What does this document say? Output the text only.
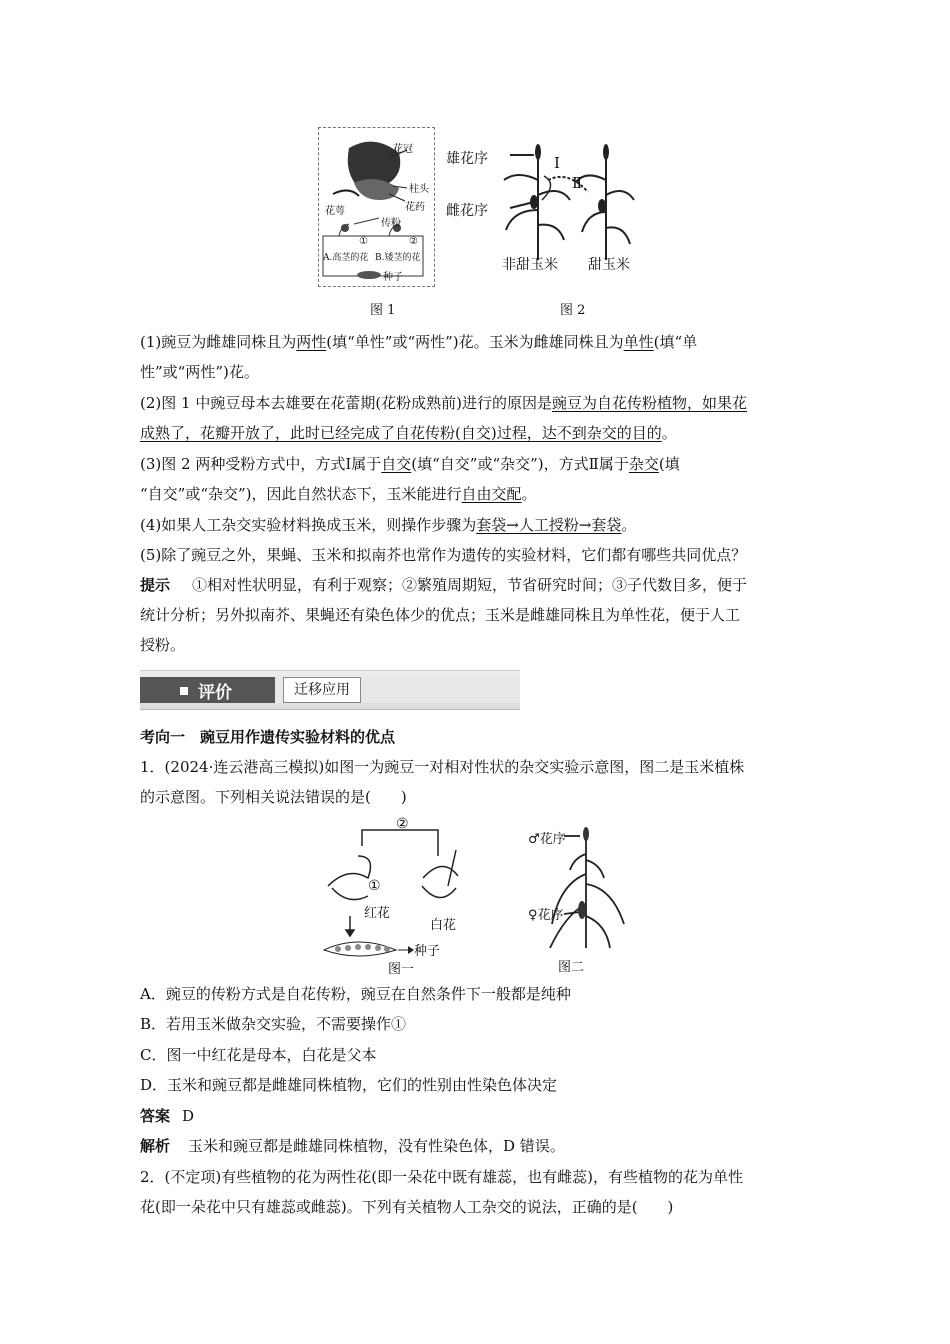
花冠
柱头
花萼	花药
传粉
①	②
A.高茎的花 B.矮茎的花
种子
雄花序
雌花序
Ⅰ
Ⅱ
非甜玉米 甜玉米
图 1	图 2
(1)豌豆为雌雄同株且为两性(填“单性”或“两性”)花。玉米为雌雄同株且为单性(填“单
性”或“两性”)花。
(2)图 1 中豌豆母本去雄要在花蕾期(花粉成熟前)进行的原因是豌豆为自花传粉植物，如果花
成熟了，花瓣开放了，此时已经完成了自花传粉(自交)过程，达不到杂交的目的。
(3)图 2 两种受粉方式中，方式Ⅰ属于自交(填“自交”或“杂交”)，方式Ⅱ属于杂交(填
“自交”或“杂交”)，因此自然状态下，玉米能进行自由交配。
(4)如果人工杂交实验材料换成玉米，则操作步骤为套袋→人工授粉→套袋。
(5)除了豌豆之外，果蝇、玉米和拟南芥也常作为遗传的实验材料，它们都有哪些共同优点？
提示 ①相对性状明显，有利于观察；②繁殖周期短，节省研究时间；③子代数目多，便于
统计分析；另外拟南芥、果蝇还有染色体少的优点；玉米是雌雄同株且为单性花，便于人工
授粉。
评价	迁移应用
考向一　豌豆用作遗传实验材料的优点
1．(2024·连云港高三模拟)如图一为豌豆一对相对性状的杂交实验示意图，图二是玉米植株
的示意图。下列相关说法错误的是(　　)
②
①
红花
白花
种子
图一
♂花序
♀花序
图二
A．豌豆的传粉方式是自花传粉，豌豆在自然条件下一般都是纯种
B．若用玉米做杂交实验，不需要操作①
C．图一中红花是母本，白花是父本
D．玉米和豌豆都是雌雄同株植物，它们的性别由性染色体决定
答案 D
解析 玉米和豌豆都是雌雄同株植物，没有性染色体，D 错误。
2．(不定项)有些植物的花为两性花(即一朵花中既有雄蕊，也有雌蕊)，有些植物的花为单性
花(即一朵花中只有雄蕊或雌蕊)。下列有关植物人工杂交的说法，正确的是(　　)
